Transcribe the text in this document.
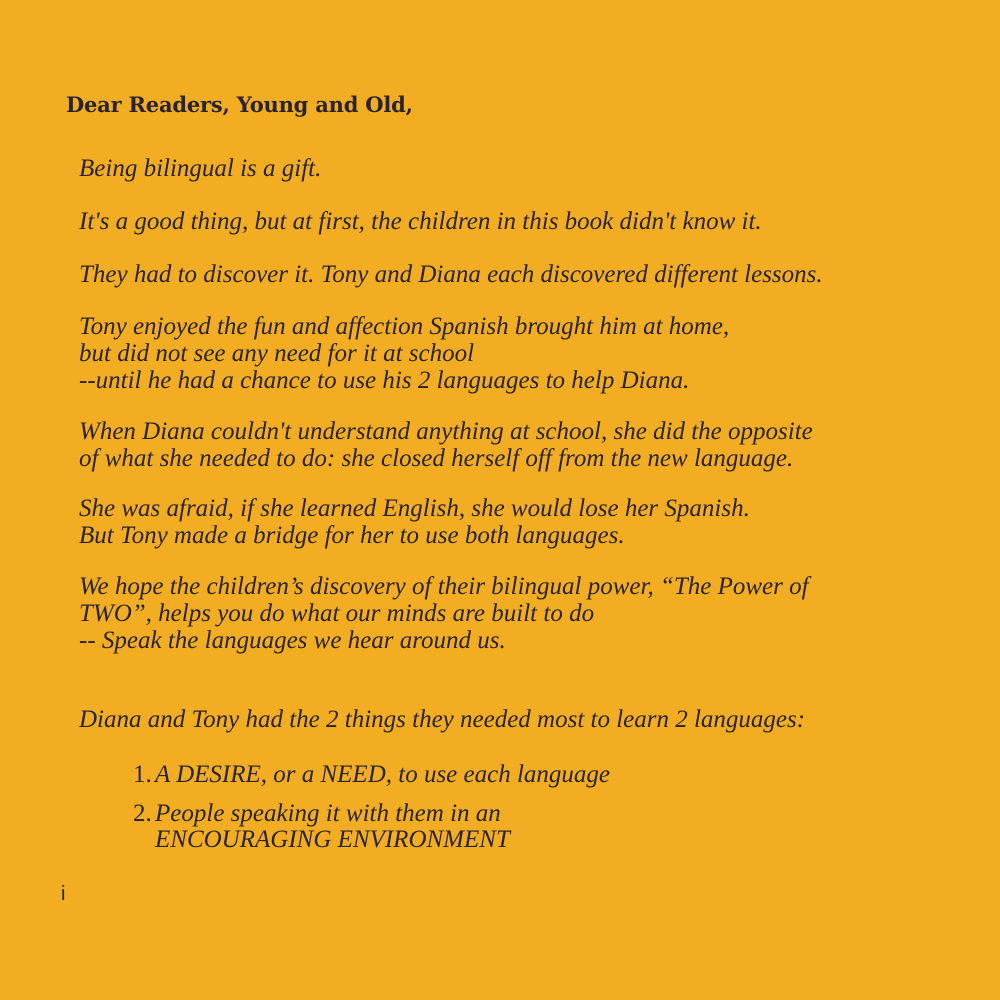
Dear Readers, Young and Old,

Being bilingual is a gift.

It's a good thing, but at first, the children in this book didn't know it.

They had to discover it. Tony and Diana each discovered different lessons.

Tony enjoyed the fun and affection Spanish brought him at home,

but did not see any need for it at school

--until he had a chance to use his 2 languages to help Diana.

When Diana couldn't understand anything at school, she did the opposite

of what she needed to do: she closed herself off from the new language.

She was afraid, if she learned English, she would lose her Spanish.

But Tony made a bridge for her to use both languages.

We hope the children’s discovery of their bilingual power, “The Power of

TWO”, helps you do what our minds are built to do

-- Speak the languages we hear around us.

Diana and Tony had the 2 things they needed most to learn 2 languages:

1. A DESIRE, or a NEED, to use each language

2. People speaking it with them in an

ENCOURAGING ENVIRONMENT

i
